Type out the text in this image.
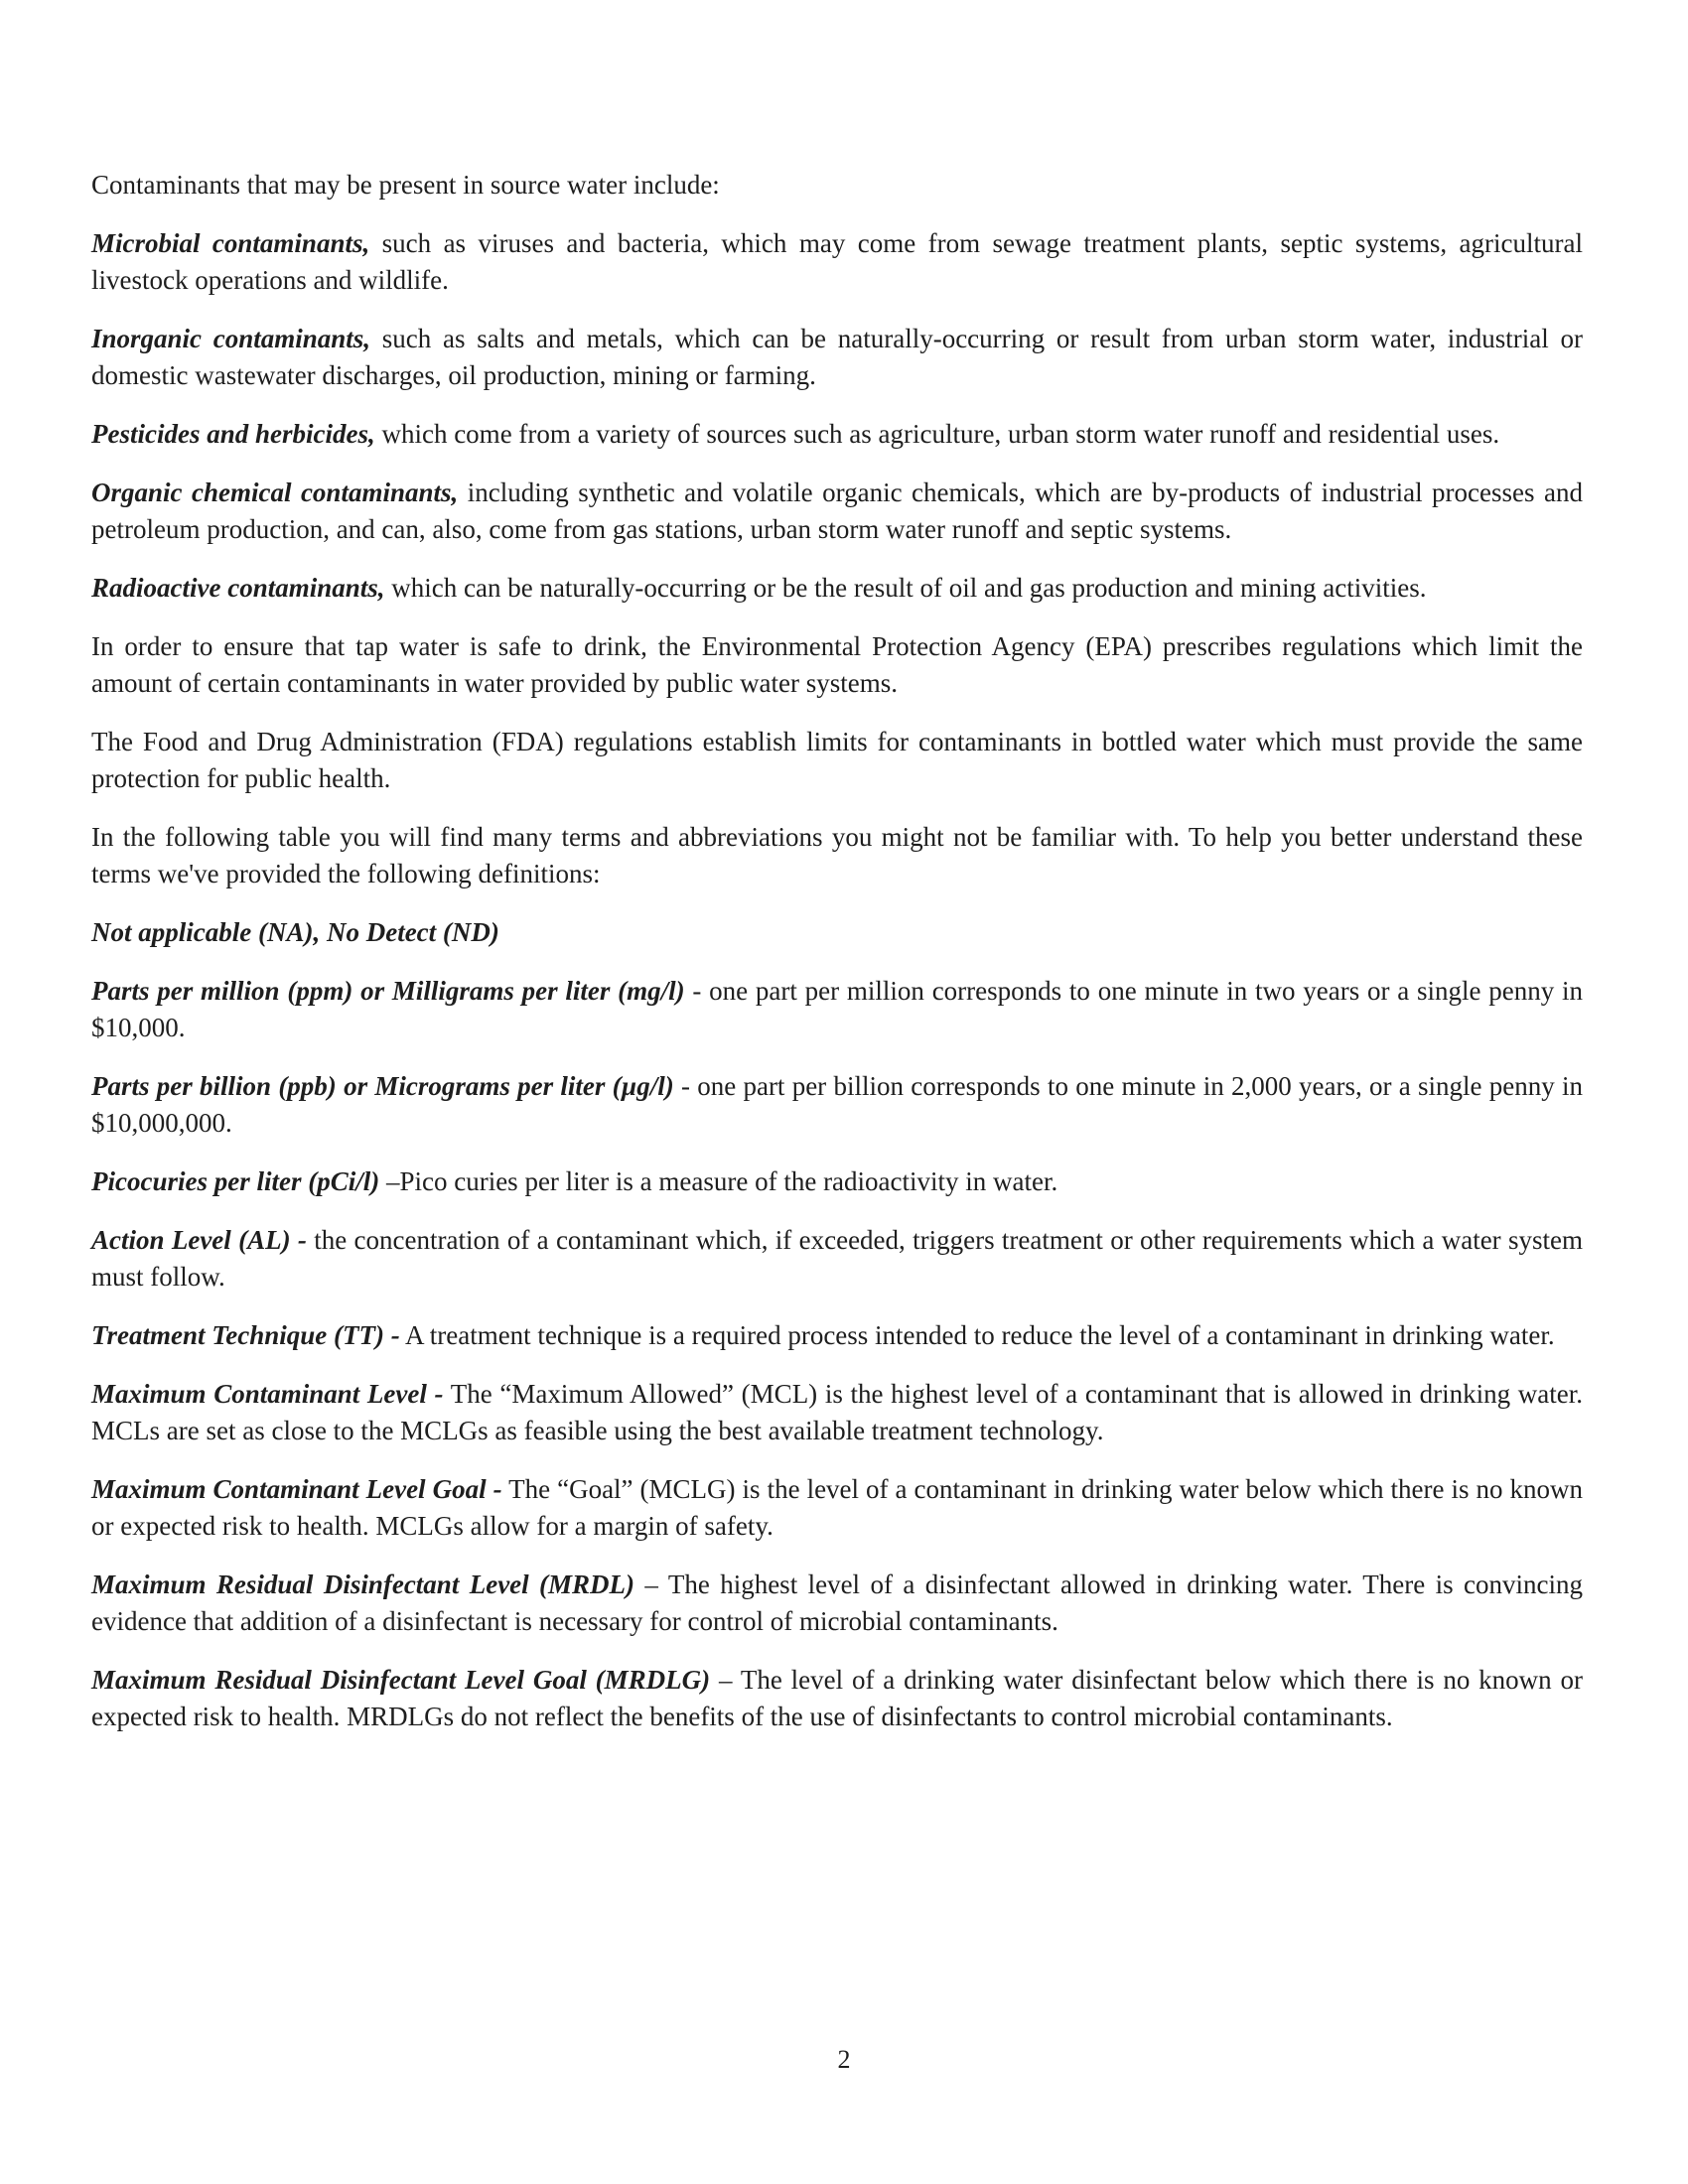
Contaminants that may be present in source water include:

Microbial contaminants, such as viruses and bacteria, which may come from sewage treatment plants, septic systems, agricultural livestock operations and wildlife.

Inorganic contaminants, such as salts and metals, which can be naturally-occurring or result from urban storm water, industrial or domestic wastewater discharges, oil production, mining or farming.

Pesticides and herbicides, which come from a variety of sources such as agriculture, urban storm water runoff and residential uses.

Organic chemical contaminants, including synthetic and volatile organic chemicals, which are by-products of industrial processes and petroleum production, and can, also, come from gas stations, urban storm water runoff and septic systems.

Radioactive contaminants, which can be naturally-occurring or be the result of oil and gas production and mining activities.

In order to ensure that tap water is safe to drink, the Environmental Protection Agency (EPA) prescribes regulations which limit the amount of certain contaminants in water provided by public water systems.

The Food and Drug Administration (FDA) regulations establish limits for contaminants in bottled water which must provide the same protection for public health.

In the following table you will find many terms and abbreviations you might not be familiar with. To help you better understand these terms we've provided the following definitions:

Not applicable (NA), No Detect (ND)

Parts per million (ppm) or Milligrams per liter (mg/l) - one part per million corresponds to one minute in two years or a single penny in $10,000.

Parts per billion (ppb) or Micrograms per liter (µg/l) - one part per billion corresponds to one minute in 2,000 years, or a single penny in $10,000,000.

Picocuries per liter (pCi/l) –Pico curies per liter is a measure of the radioactivity in water.

Action Level (AL) - the concentration of a contaminant which, if exceeded, triggers treatment or other requirements which a water system must follow.

Treatment Technique (TT) - A treatment technique is a required process intended to reduce the level of a contaminant in drinking water.

Maximum Contaminant Level - The “Maximum Allowed” (MCL) is the highest level of a contaminant that is allowed in drinking water. MCLs are set as close to the MCLGs as feasible using the best available treatment technology.

Maximum Contaminant Level Goal - The “Goal” (MCLG) is the level of a contaminant in drinking water below which there is no known or expected risk to health. MCLGs allow for a margin of safety.

Maximum Residual Disinfectant Level (MRDL) – The highest level of a disinfectant allowed in drinking water. There is convincing evidence that addition of a disinfectant is necessary for control of microbial contaminants.

Maximum Residual Disinfectant Level Goal (MRDLG) – The level of a drinking water disinfectant below which there is no known or expected risk to health. MRDLGs do not reflect the benefits of the use of disinfectants to control microbial contaminants.

2
